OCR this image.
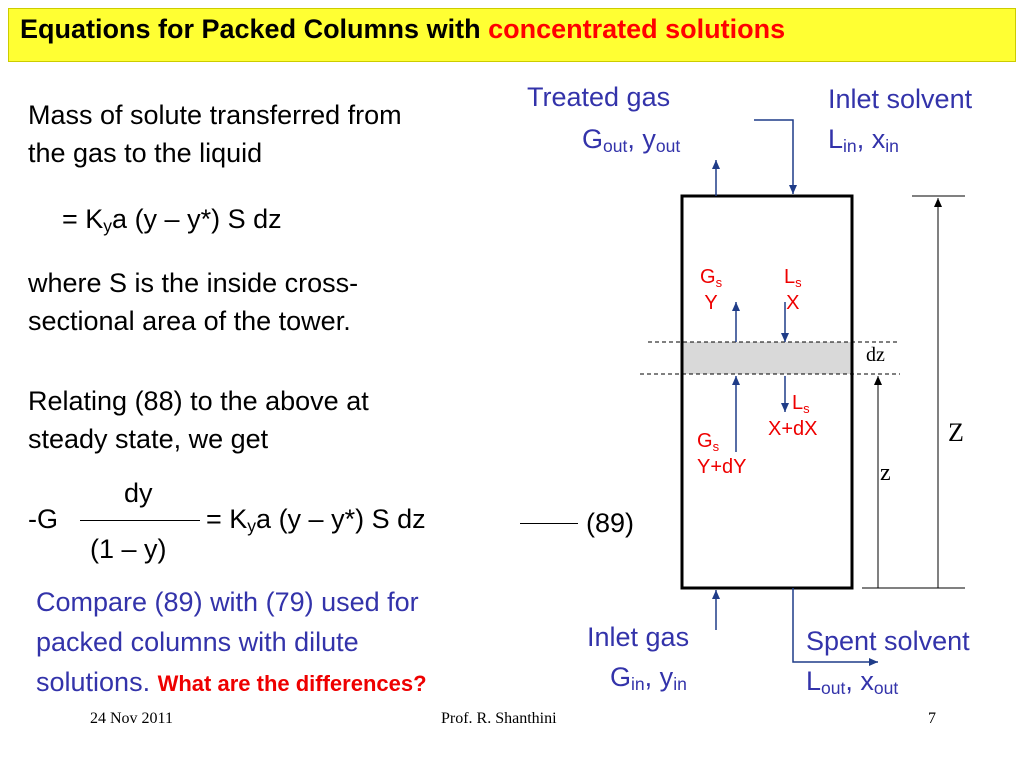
Equations for Packed Columns with concentrated solutions
Mass of solute transferred from
the gas to the liquid
= $K_ya$ (y – y*) S dz
where S is the inside cross-
sectional area of the tower.
Relating (88) to the above at
steady state, we get
-G
dy
(1 – y)
= $K_ya$ (y – y*) S dz	(89)
Compare (89) with (79) used for
packed columns with dilute
solutions. What are the differences?
Treated gas
$G_{out}$, $y_{out}$
Inlet solvent
$L_{in}$, $x_{in}$
Inlet gas
$G_{in}$, $y_{in}$
Spent solvent
$L_{out}$, $x_{out}$
$G_s$
Y
$L_s$
X
$L_s$
X+dX
$G_s$
Y+dY
dz
Z
z
24 Nov 2011	Prof. R. Shanthini	7
